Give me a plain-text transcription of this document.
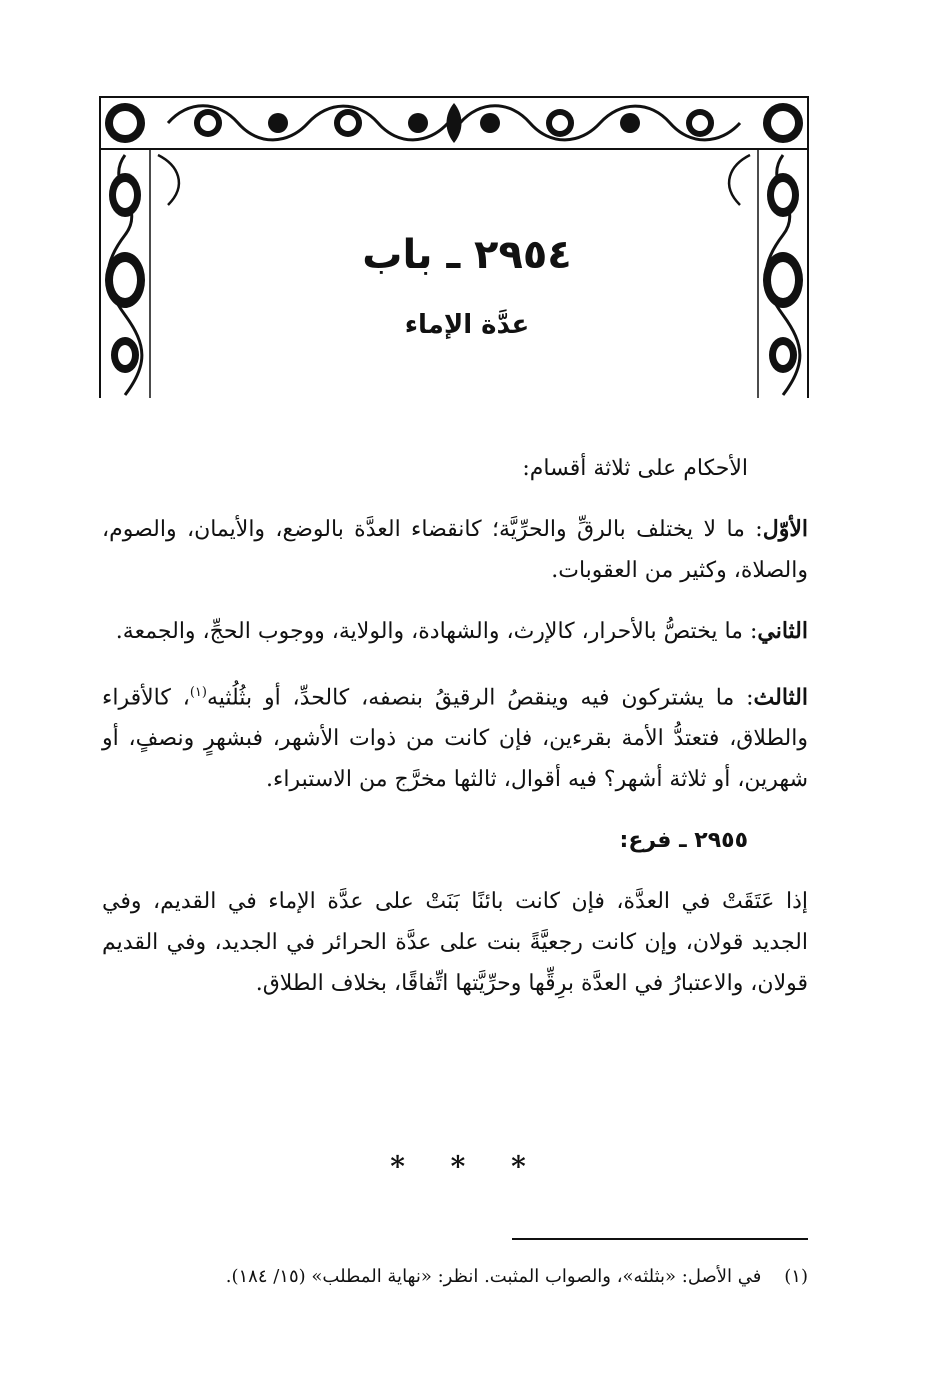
٢٩٥٤ ـ باب
عدَّة الإماء

الأحكام على ثلاثة أقسام:

الأوّل: ما لا يختلف بالرقِّ والحرِّيَّة؛ كانقضاء العدَّة بالوضع، والأيمان، والصوم، والصلاة، وكثير من العقوبات.

الثاني: ما يختصُّ بالأحرار، كالإرث، والشهادة، والولاية، ووجوب الحجِّ، والجمعة.

الثالث: ما يشتركون فيه وينقصُ الرقيقُ بنصفه، كالحدِّ، أو بثُلُثيه$^{(١)}$، كالأقراء والطلاق، فتعتدُّ الأمة بقرءين، فإن كانت من ذوات الأشهر، فبشهرٍ ونصفٍ، أو شهرين، أو ثلاثة أشهر؟ فيه أقوال، ثالثها مخرَّج من الاستبراء.

٢٩٥٥ ـ فرع:

إذا عَتَقَتْ في العدَّة، فإن كانت بائنًا بَنَتْ على عدَّة الإماء في القديم، وفي الجديد قولان، وإن كانت رجعيَّةً بنت على عدَّة الحرائر في الجديد، وفي القديم قولان، والاعتبارُ في العدَّة برِقِّها وحرِّيَّتها اتِّفاقًا، بخلاف الطلاق.

* * *
(١)    في الأصل: «بثلثه»، والصواب المثبت. انظر: «نهاية المطلب» (١٥/ ١٨٤).
